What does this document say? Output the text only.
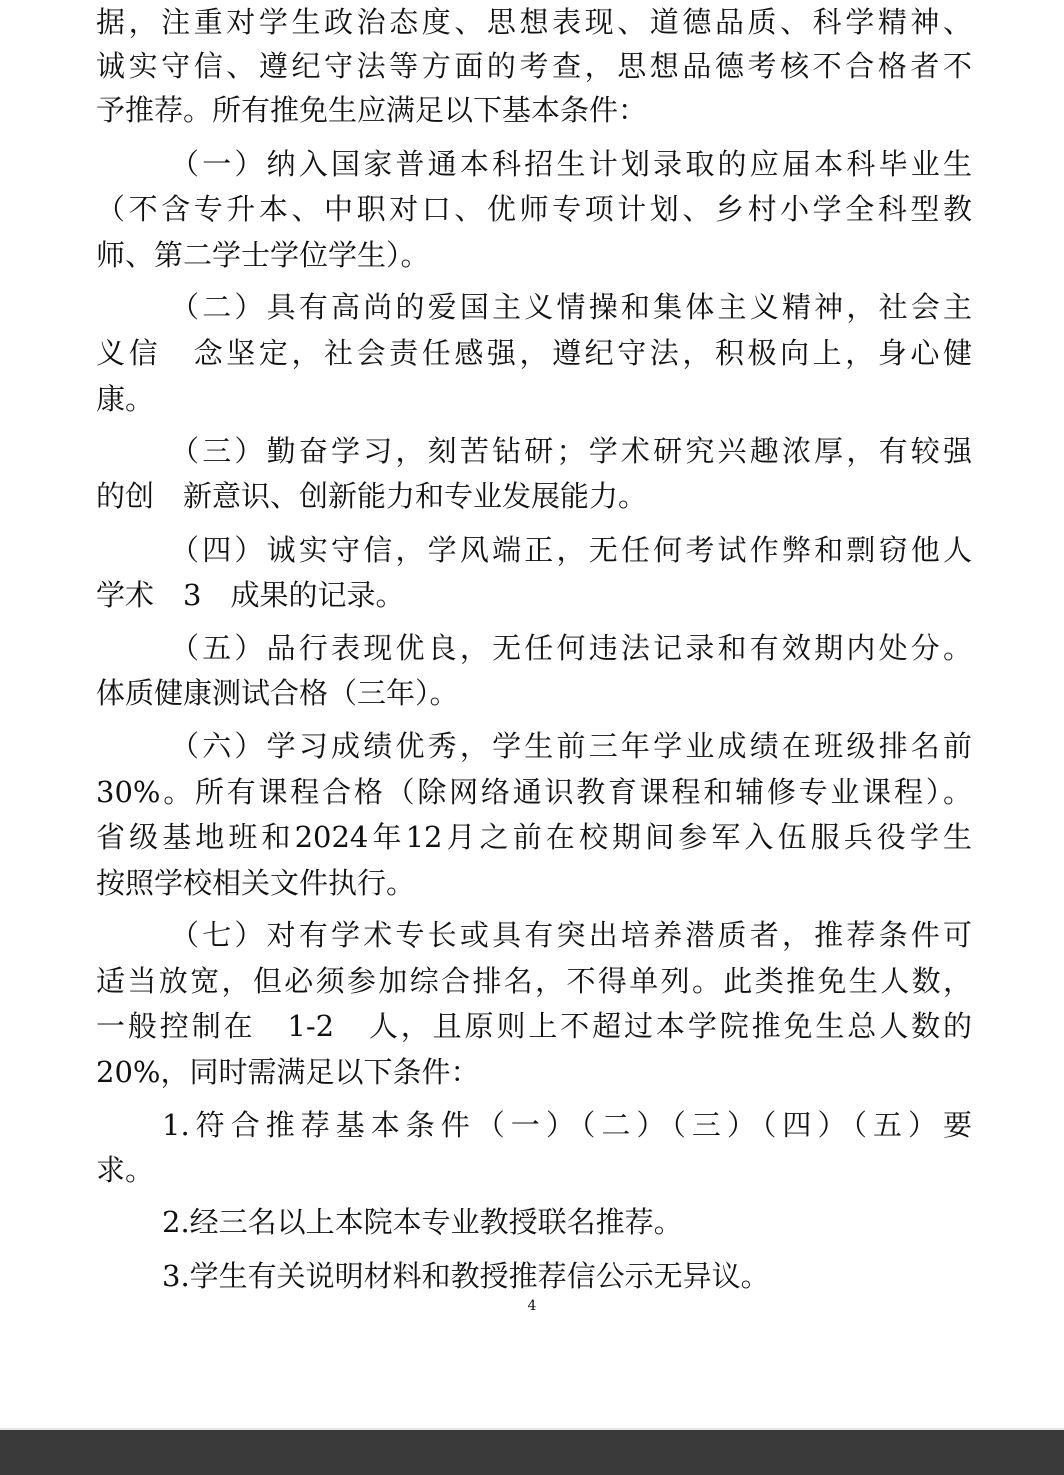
据，注重对学生政治态度、思想表现、道德品质、科学精神、
诚实守信、遵纪守法等方面的考查，思想品德考核不合格者不
予推荐。所有推免生应满足以下基本条件：
（一）纳入国家普通本科招生计划录取的应届本科毕业生
（不含专升本、中职对口、优师专项计划、乡村小学全科型教
师、第二学士学位学生）。
（二）具有高尚的爱国主义情操和集体主义精神，社会主
义信　念坚定，社会责任感强，遵纪守法，积极向上，身心健
康。
（三）勤奋学习，刻苦钻研；学术研究兴趣浓厚，有较强
的创　新意识、创新能力和专业发展能力。
（四）诚实守信，学风端正，无任何考试作弊和剽窃他人
学术　3　成果的记录。
（五）品行表现优良，无任何违法记录和有效期内处分。
体质健康测试合格（三年）。
（六）学习成绩优秀，学生前三年学业成绩在班级排名前
30%。所有课程合格（除网络通识教育课程和辅修专业课程）。
省级基地班和2024年12月之前在校期间参军入伍服兵役学生
按照学校相关文件执行。
（七）对有学术专长或具有突出培养潜质者，推荐条件可
适当放宽，但必须参加综合排名，不得单列。此类推免生人数，
一般控制在　1-2　人，且原则上不超过本学院推免生总人数的
20%，同时需满足以下条件：
1.符合推荐基本条件（一）（二）（三）（四）（五）要
求。
2.经三名以上本院本专业教授联名推荐。
3.学生有关说明材料和教授推荐信公示无异议。
4
